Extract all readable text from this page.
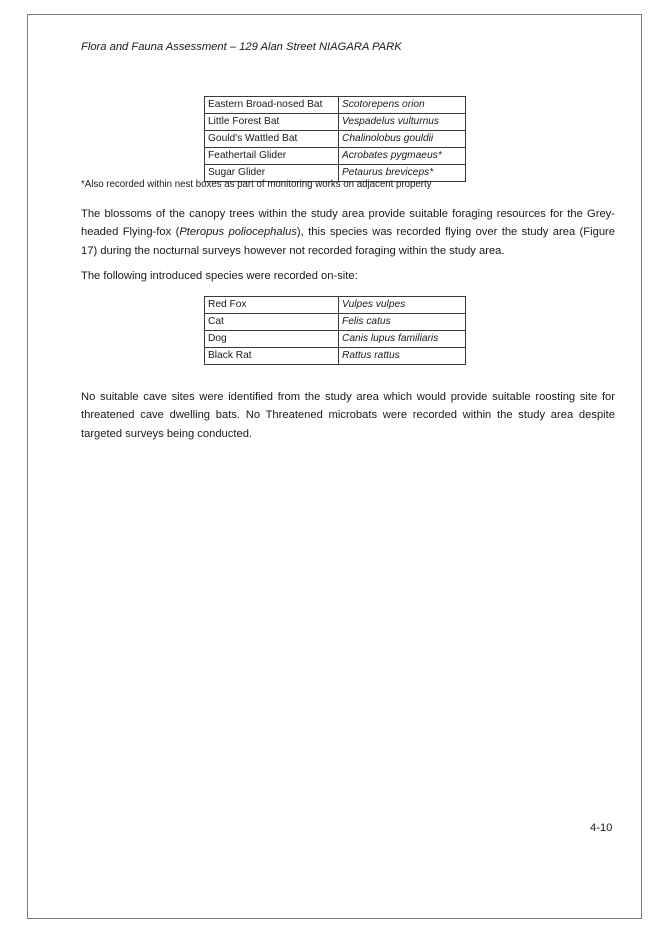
Flora and Fauna Assessment – 129 Alan Street NIAGARA PARK
Eastern Broad-nosed Bat	Scotorepens orion
Little Forest Bat	Vespadelus vulturnus
Gould's Wattled Bat	Chalinolobus gouldii
Feathertail Glider	Acrobates pygmaeus*
Sugar Glider	Petaurus breviceps*
*Also recorded within nest boxes as part of monitoring works on adjacent property

The blossoms of the canopy trees within the study area provide suitable foraging resources for the Grey-headed Flying-fox (Pteropus poliocephalus), this species was recorded flying over the study area (Figure 17) during the nocturnal surveys however not recorded foraging within the study area.

The following introduced species were recorded on-site:

Red Fox	Vulpes vulpes
Cat	Felis catus
Dog	Canis lupus familiaris
Black Rat	Rattus rattus

No suitable cave sites were identified from the study area which would provide suitable roosting site for threatened cave dwelling bats. No Threatened microbats were recorded within the study area despite targeted surveys being conducted.

4-10
